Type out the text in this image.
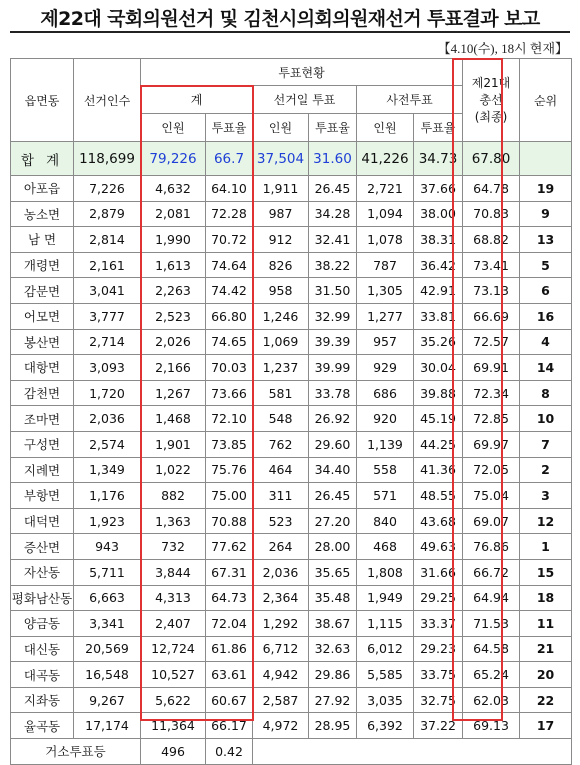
제22대 국회의원선거 및 김천시의회의원재선거 투표결과 보고
【4.10(수), 18시 현재】
읍면동	선거인수	투표현황						제21대
총선
(최종)	순위
		계		선거일 투표		사전투표			
		인원	투표율	인원	투표율	인원	투표율		
합 계	118,699	79,226	66.7	37,504	31.60	41,226	34.73	67.80	
아포읍	7,226	4,632	64.10	1,911	26.45	2,721	37.66	64.78	19
농소면	2,879	2,081	72.28	987	34.28	1,094	38.00	70.83	9
남 면	2,814	1,990	70.72	912	32.41	1,078	38.31	68.82	13
개령면	2,161	1,613	74.64	826	38.22	787	36.42	73.41	5
감문면	3,041	2,263	74.42	958	31.50	1,305	42.91	73.13	6
어모면	3,777	2,523	66.80	1,246	32.99	1,277	33.81	66.69	16
봉산면	2,714	2,026	74.65	1,069	39.39	957	35.26	72.57	4
대항면	3,093	2,166	70.03	1,237	39.99	929	30.04	69.91	14
감천면	1,720	1,267	73.66	581	33.78	686	39.88	72.34	8
조마면	2,036	1,468	72.10	548	26.92	920	45.19	72.85	10
구성면	2,574	1,901	73.85	762	29.60	1,139	44.25	69.97	7
지례면	1,349	1,022	75.76	464	34.40	558	41.36	72.05	2
부항면	1,176	882	75.00	311	26.45	571	48.55	75.04	3
대덕면	1,923	1,363	70.88	523	27.20	840	43.68	69.07	12
증산면	943	732	77.62	264	28.00	468	49.63	76.86	1
자산동	5,711	3,844	67.31	2,036	35.65	1,808	31.66	66.72	15
평화남산동	6,663	4,313	64.73	2,364	35.48	1,949	29.25	64.94	18
양금동	3,341	2,407	72.04	1,292	38.67	1,115	33.37	71.53	11
대신동	20,569	12,724	61.86	6,712	32.63	6,012	29.23	64.58	21
대곡동	16,548	10,527	63.61	4,942	29.86	5,585	33.75	65.24	20
지좌동	9,267	5,622	60.67	2,587	27.92	3,035	32.75	62.03	22
율곡동	17,174	11,364	66.17	4,972	28.95	6,392	37.22	69.13	17
거소투표등		496	0.42						
